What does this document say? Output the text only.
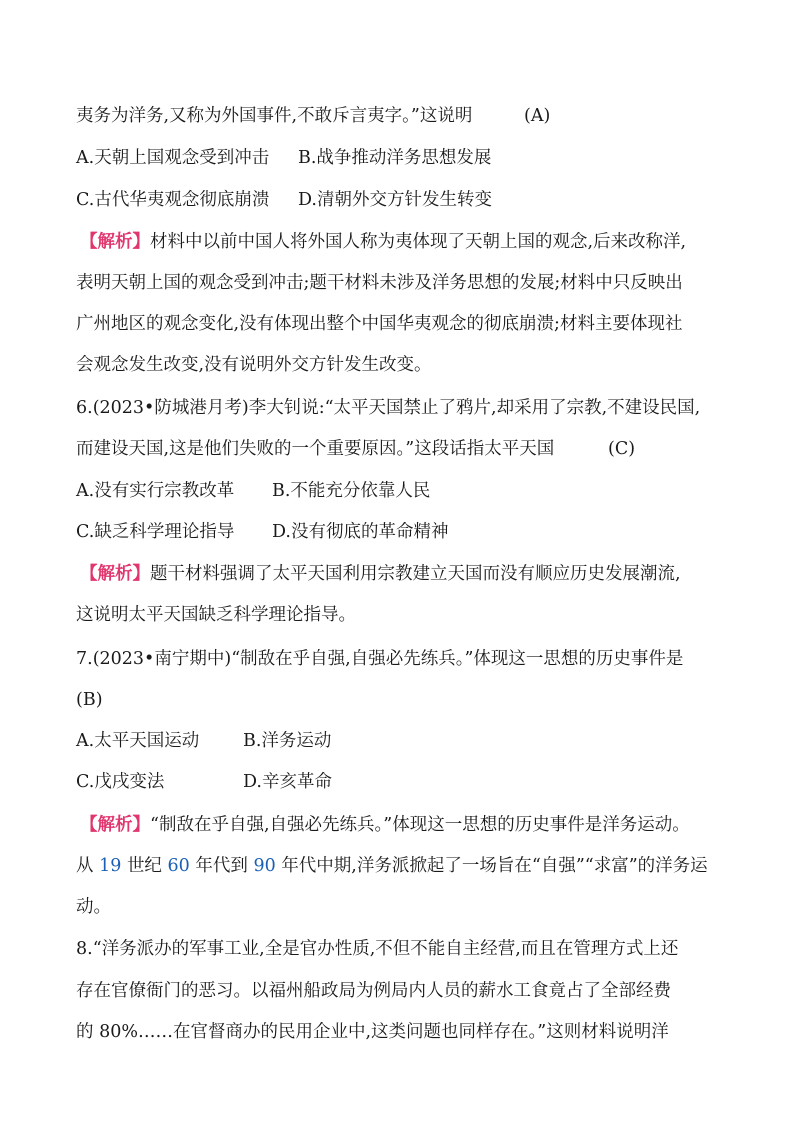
夷务为洋务,又称为外国事件,不敢斥言夷字。”这说明	(A)
A.天朝上国观念受到冲击 B.战争推动洋务思想发展
C.古代华夷观念彻底崩溃 D.清朝外交方针发生转变
【解析】材料中以前中国人将外国人称为夷体现了天朝上国的观念,后来改称洋,
表明天朝上国的观念受到冲击;题干材料未涉及洋务思想的发展;材料中只反映出
广州地区的观念变化,没有体现出整个中国华夷观念的彻底崩溃;材料主要体现社
会观念发生改变,没有说明外交方针发生改变。
6.(2023•防城港月考)李大钊说:“太平天国禁止了鸦片,却采用了宗教,不建设民国,
而建设天国,这是他们失败的一个重要原因。”这段话指太平天国	(C)
A.没有实行宗教改革 B.不能充分依靠人民
C.缺乏科学理论指导 D.没有彻底的革命精神
【解析】题干材料强调了太平天国利用宗教建立天国而没有顺应历史发展潮流,
这说明太平天国缺乏科学理论指导。
7.(2023•南宁期中)“制敌在乎自强,自强必先练兵。”体现这一思想的历史事件是
(B)
A.太平天国运动	B.洋务运动
C.戊戌变法	D.辛亥革命
【解析】“制敌在乎自强,自强必先练兵。”体现这一思想的历史事件是洋务运动。
从 19 世纪 60 年代到 90 年代中期,洋务派掀起了一场旨在“自强”“求富”的洋务运
动。
8.“洋务派办的军事工业,全是官办性质,不但不能自主经营,而且在管理方式上还
存在官僚衙门的恶习。以福州船政局为例局内人员的薪水工食竟占了全部经费
的 80%……在官督商办的民用企业中,这类问题也同样存在。”这则材料说明洋
